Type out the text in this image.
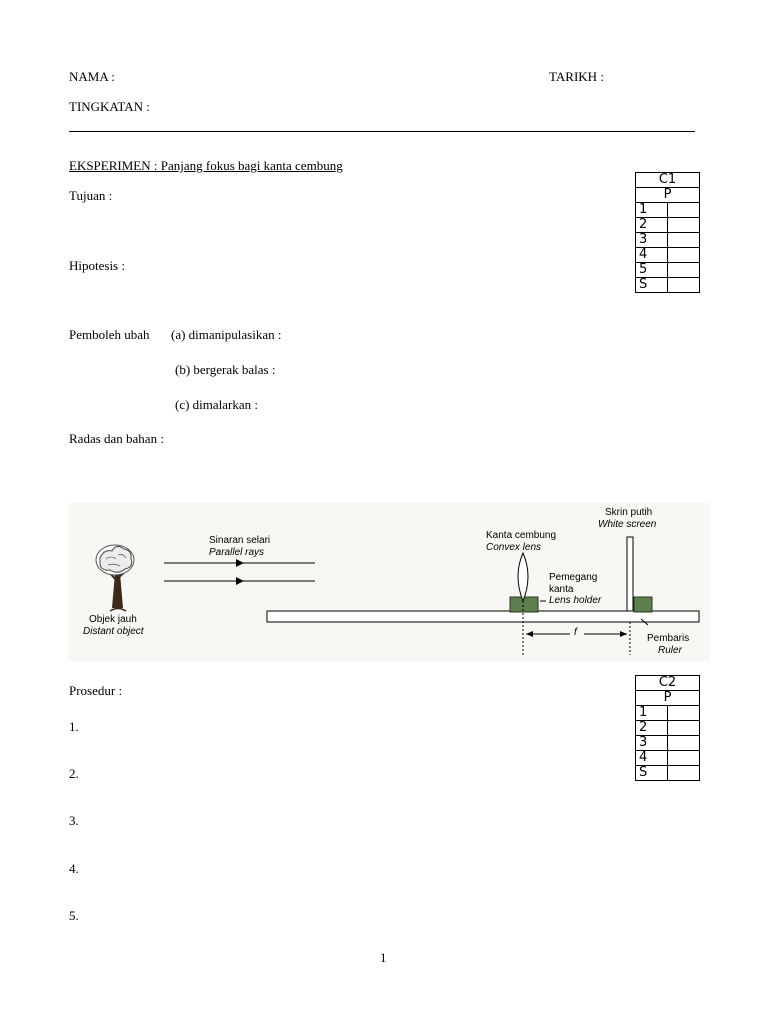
NAMA :	TARIKH :
TINGKATAN :
EKSPERIMEN : Panjang fokus bagi kanta cembung
Tujuan :
Hipotesis :
Pemboleh ubah (a) dimanipulasikan :
(b) bergerak balas :
(c) dimalarkan :
Radas dan bahan :
C1	
P	
1	
2	
3	
4	
5	
S	
Sinaran selari
Parallel rays
Objek jauh
Distant object
Kanta cembung
Convex lens
Pemegang
kanta
Lens holder
Skrin putih
White screen
Pembaris
Ruler
f
Prosedur :
C2	
P	
1	
2	
3	
4	
S	
1.
2.
3.
4.
5.
1
